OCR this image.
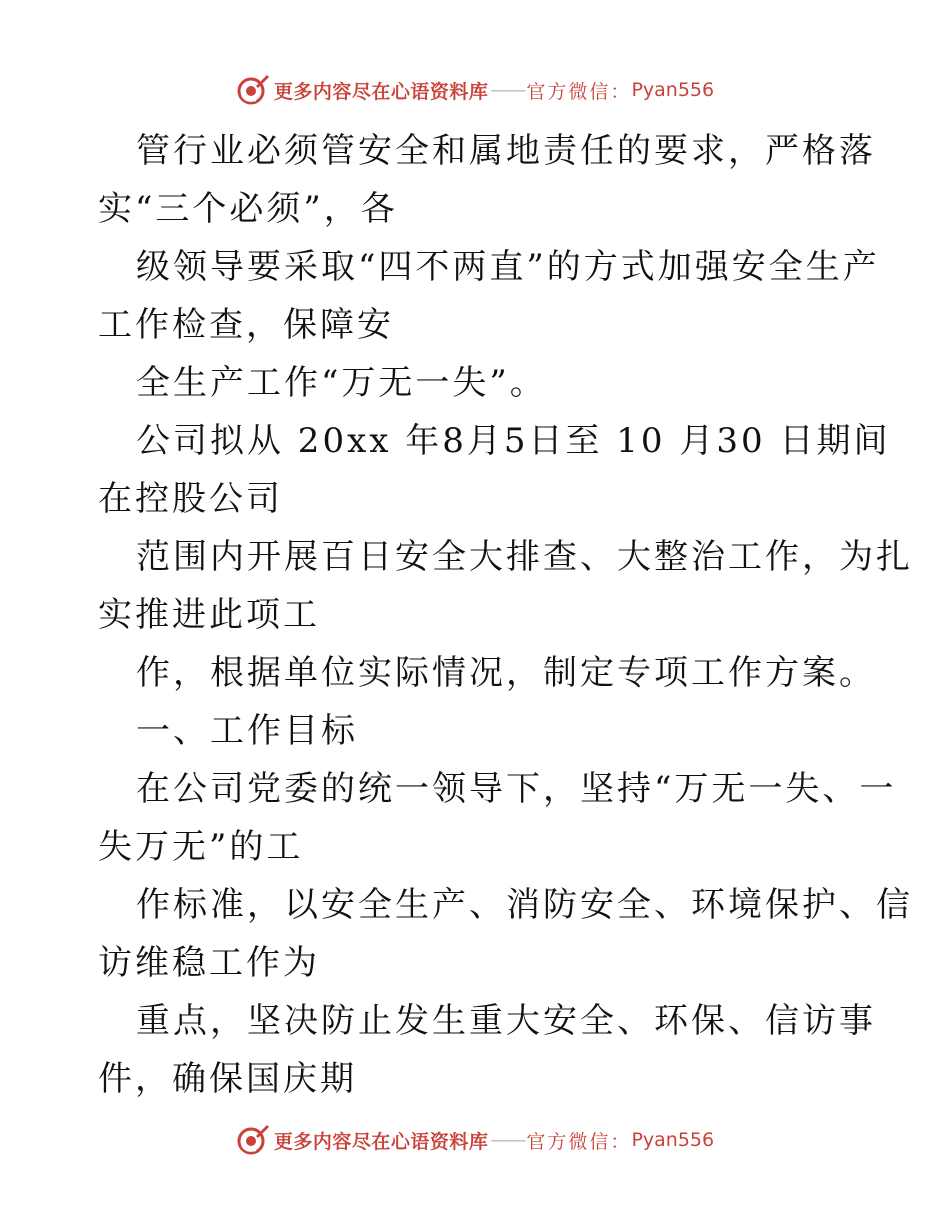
更多内容尽在心语资料库 —— 官方微信： Pyan556
管行业必须管安全和属地责任的要求，严格落
实“三个必须”，各
级领导要采取“四不两直”的方式加强安全生产
工作检查，保障安
全生产工作“万无一失”。
公司拟从 20xx 年8月5日至 10 月30 日期间
在控股公司
范围内开展百日安全大排查、大整治工作，为扎
实推进此项工
作，根据单位实际情况，制定专项工作方案。
一、工作目标
在公司党委的统一领导下，坚持“万无一失、一
失万无”的工
作标准，以安全生产、消防安全、环境保护、信
访维稳工作为
重点，坚决防止发生重大安全、环保、信访事
件，确保国庆期
更多内容尽在心语资料库 —— 官方微信： Pyan556
